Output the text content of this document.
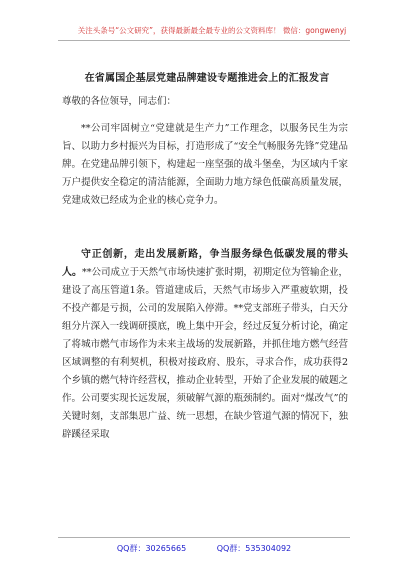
关注头条号“公文研究”，获得最新最全最专业的公文资料库！ 微信：gongwenyj
在省属国企基层党建品牌建设专题推进会上的汇报发言
尊敬的各位领导，同志们：

**公司牢固树立“党建就是生产力”工作理念，以服务民生为宗旨、以助力乡村振兴为目标，打造形成了“安全气畅服务先锋”党建品牌。在党建品牌引领下，构建起一座坚强的战斗堡垒，为区域内千家万户提供安全稳定的清洁能源，全面助力地方绿色低碳高质量发展，党建成效已经成为企业的核心竞争力。

守正创新，走出发展新路，争当服务绿色低碳发展的带头人。**公司成立于天然气市场快速扩张时期，初期定位为管输企业，建设了高压管道1条。管道建成后，天然气市场步入严重疲软期，投不投产都是亏损，公司的发展陷入停滞。**党支部班子带头，白天分组分片深入一线调研摸底，晚上集中开会，经过反复分析讨论，确定了将城市燃气市场作为未来主战场的发展新路，并抓住地方燃气经营区域调整的有利契机，积极对接政府、股东，寻求合作，成功获得2个乡镇的燃气特许经营权，推动企业转型，开始了企业发展的破题之作。公司要实现长远发展，须破解气源的瓶颈制约。面对“煤改气”的关键时刻，支部集思广益、统一思想，在缺少管道气源的情况下，独辟蹊径采取

QQ群：30265665	QQ群：535304092
